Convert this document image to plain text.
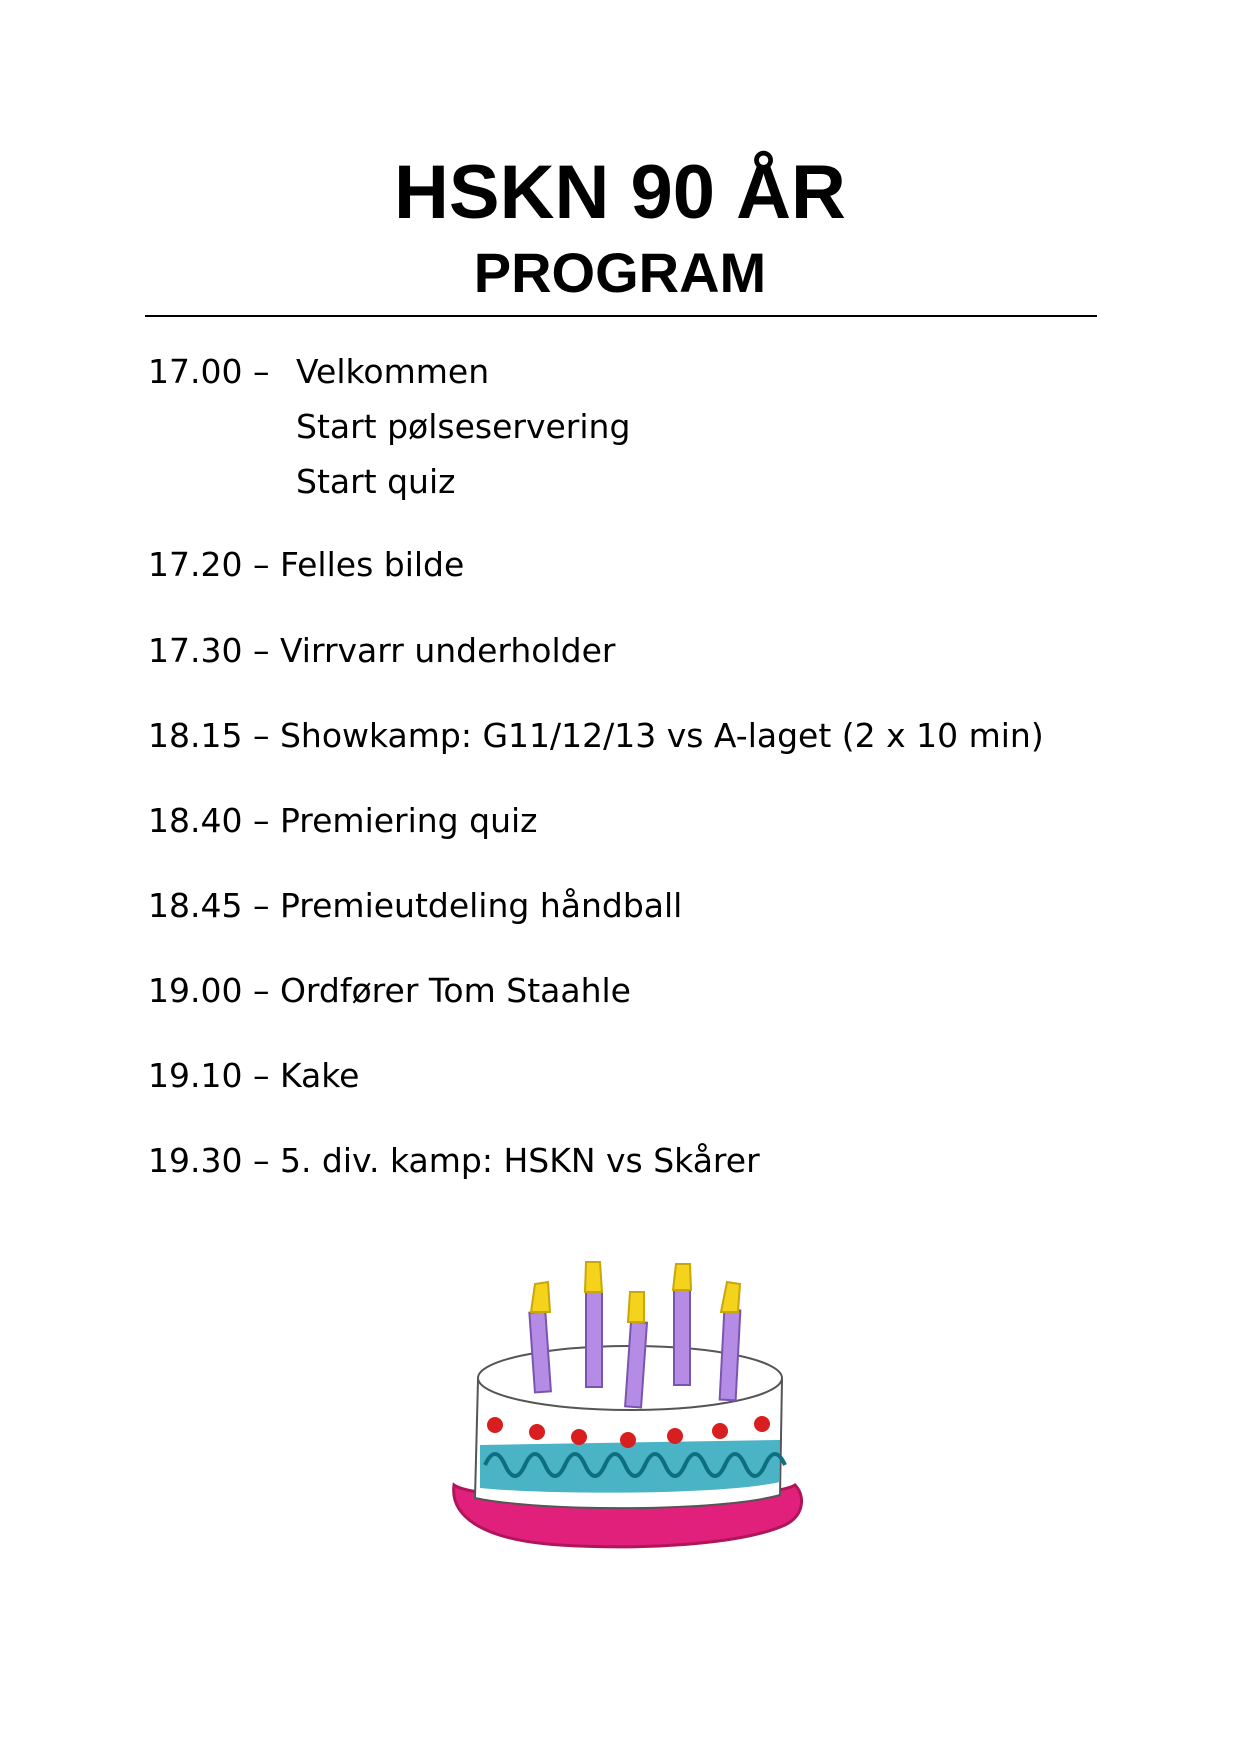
HSKN 90 ÅR
PROGRAM
17.00 – Velkommen
Start pølseservering
Start quiz
17.20 – Felles bilde
17.30 – Virrvarr underholder
18.15 – Showkamp: G11/12/13 vs A-laget (2 x 10 min)
18.40 – Premiering quiz
18.45 – Premieutdeling håndball
19.00 – Ordfører Tom Staahle
19.10 – Kake
19.30 – 5. div. kamp: HSKN vs Skårer
